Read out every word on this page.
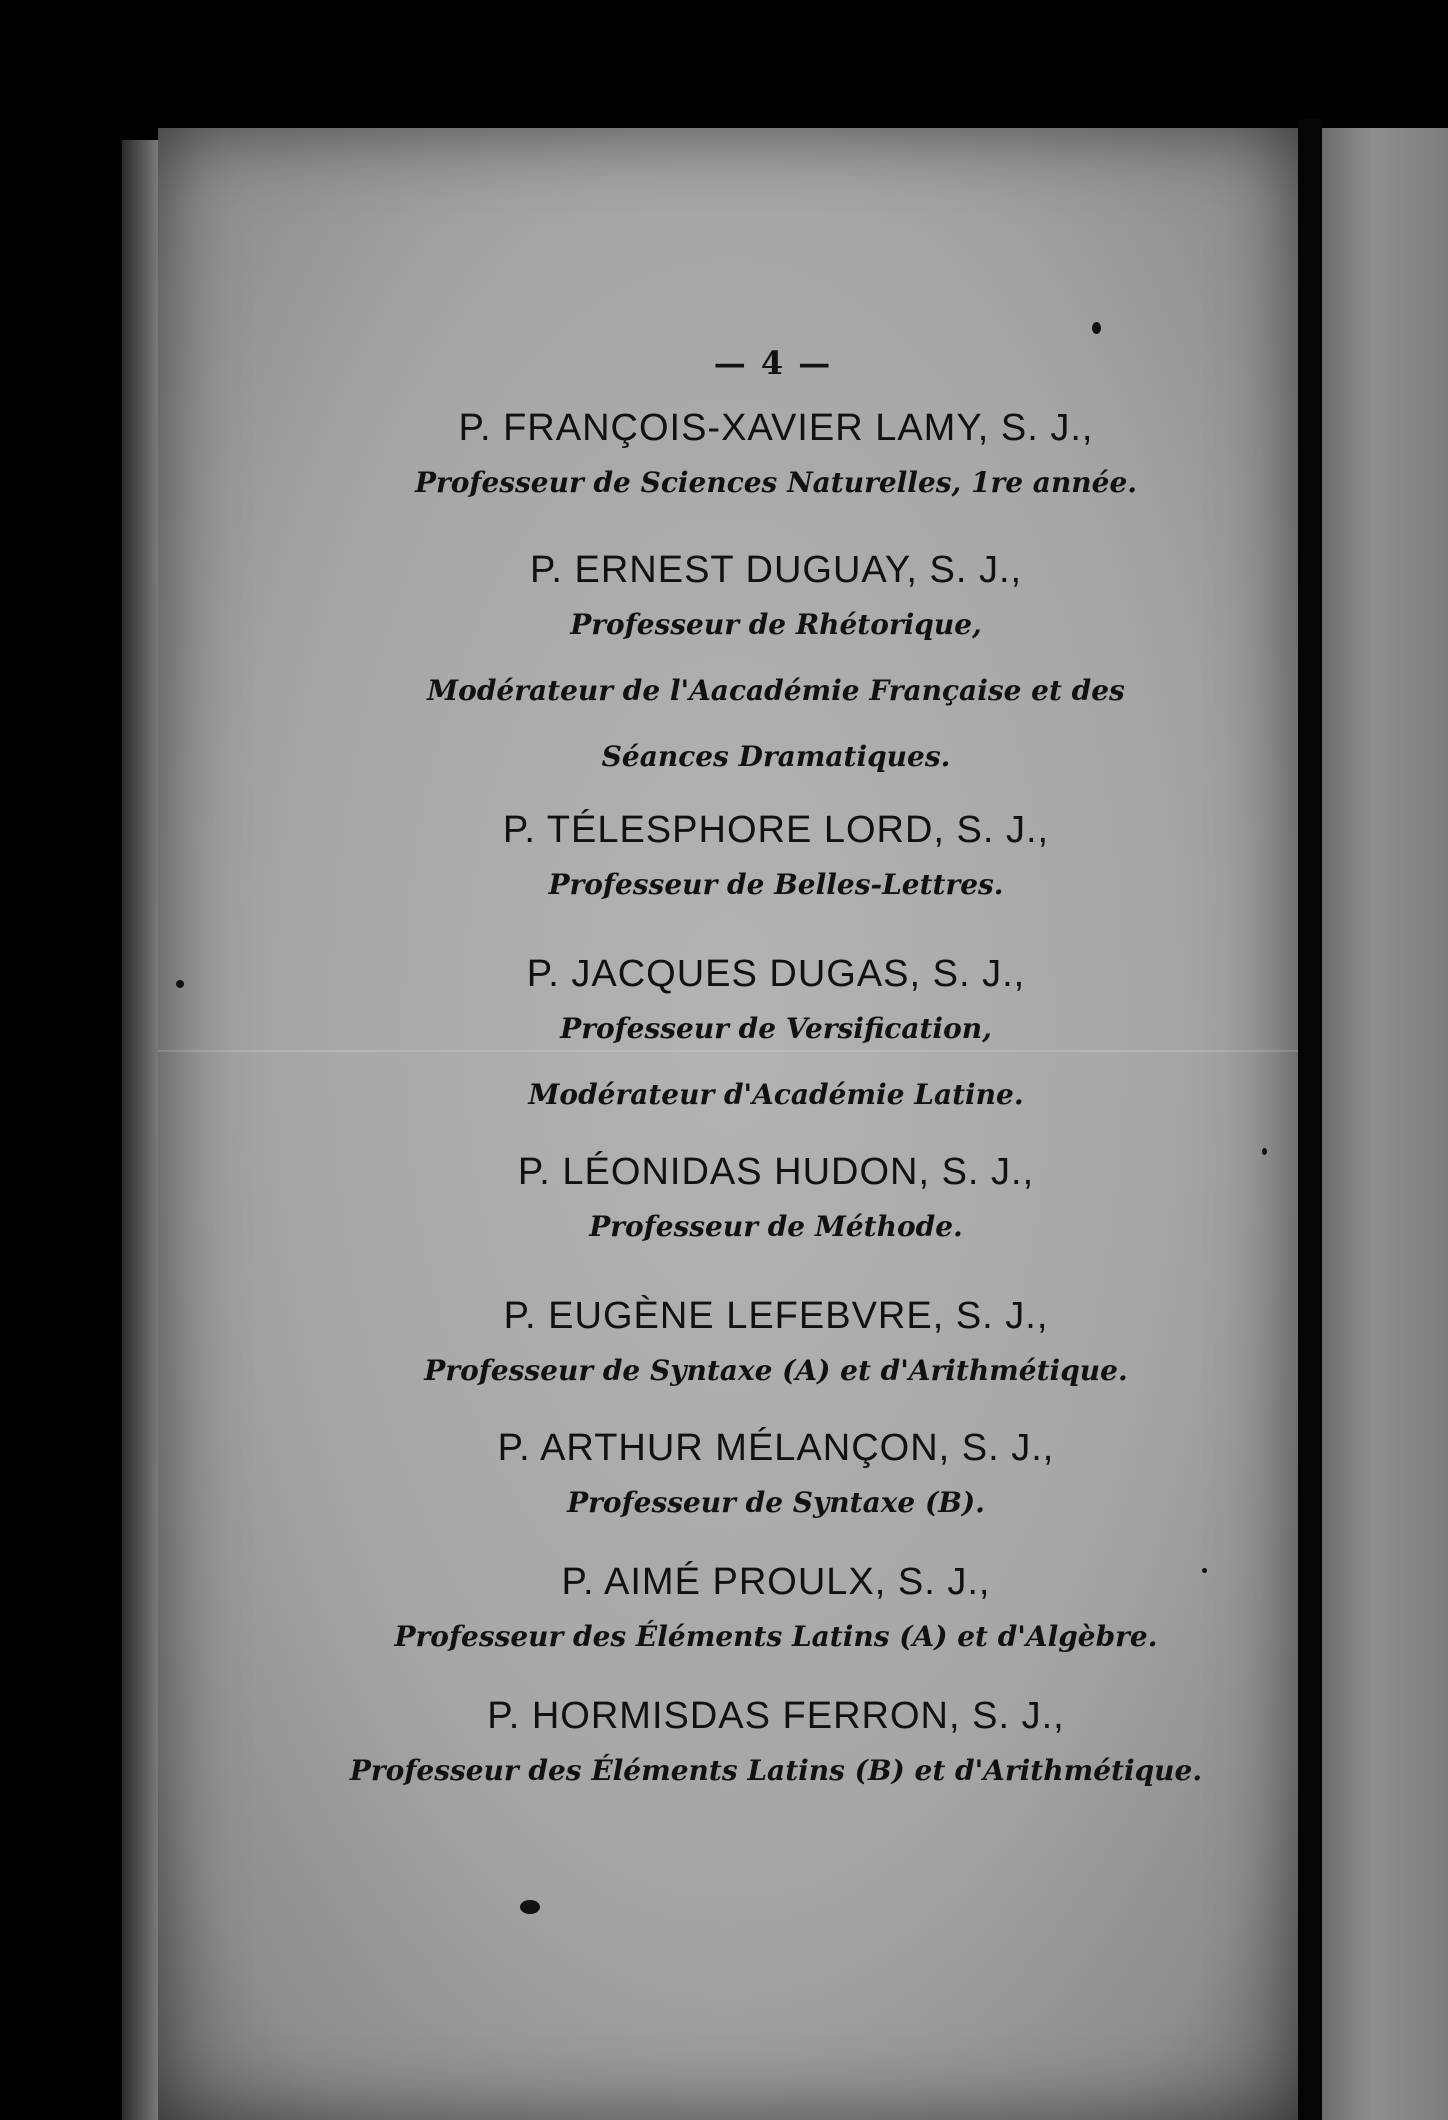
— 4 —
P. FRANÇOIS-XAVIER LAMY, S. J.,
Professeur de Sciences Naturelles, 1re année.
P. ERNEST DUGUAY, S. J.,
Professeur de Rhétorique,
Modérateur de l'Aacadémie Française et des
Séances Dramatiques.
P. TÉLESPHORE LORD, S. J.,
Professeur de Belles-Lettres.
P. JACQUES DUGAS, S. J.,
Professeur de Versification,
Modérateur d'Académie Latine.
P. LÉONIDAS HUDON, S. J.,
Professeur de Méthode.
P. EUGÈNE LEFEBVRE, S. J.,
Professeur de Syntaxe (A) et d'Arithmétique.
P. ARTHUR MÉLANÇON, S. J.,
Professeur de Syntaxe (B).
P. AIMÉ PROULX, S. J.,
Professeur des Éléments Latins (A) et d'Algèbre.
P. HORMISDAS FERRON, S. J.,
Professeur des Éléments Latins (B) et d'Arithmétique.
